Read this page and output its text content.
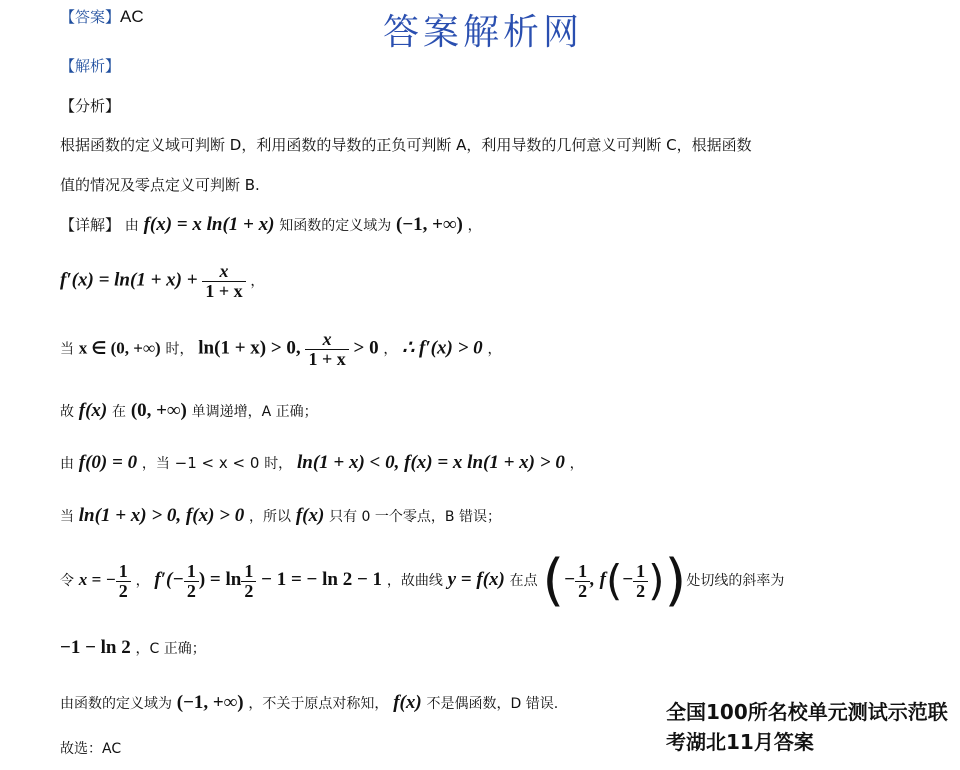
【答案】AC	答案解析网
【解析】
【分析】
根据函数的定义域可判断 D，利用函数的导数的正负可判断 A，利用导数的几何意义可判断 C，根据函数
值的情况及零点定义可判断 B.
【详解】 由 f(x) = x ln(1 + x) 知函数的定义域为 (−1, +∞) ，
$f'(x) = \ln(1 + x) + \frac{x}{1 + x}$ ，
当 x ∈ (0, +∞) 时， ln(1 + x) > 0, $\frac{x}{1 + x} > 0$ ， ∴ f′(x) > 0 ，
故 f(x) 在 (0, +∞) 单调递增，A 正确；
由 f(0) = 0 ，当 −1 < x < 0 时， ln(1 + x) < 0, f(x) = x ln(1 + x) > 0 ，
当 ln(1 + x) > 0, f(x) > 0 ，所以 f(x) 只有 0 一个零点，B 错误；
令 x = − $\frac{1}{2}$ ， $f'(- \frac{1}{2}$ ) = $\ln \frac{1}{2} - 1$ = − ln 2 − 1 ，故曲线 y = f(x) 在点 (− $\frac{1}{2}$ , $f(- \frac{1}{2}$ ))处切线的斜率为
−1 − ln 2 ，C 正确；
由函数的定义域为 (−1, +∞) ，不关于原点对称知， f(x) 不是偶函数，D 错误.
故选：AC
全国100所名校单元测试示范联
考湖北11月答案
